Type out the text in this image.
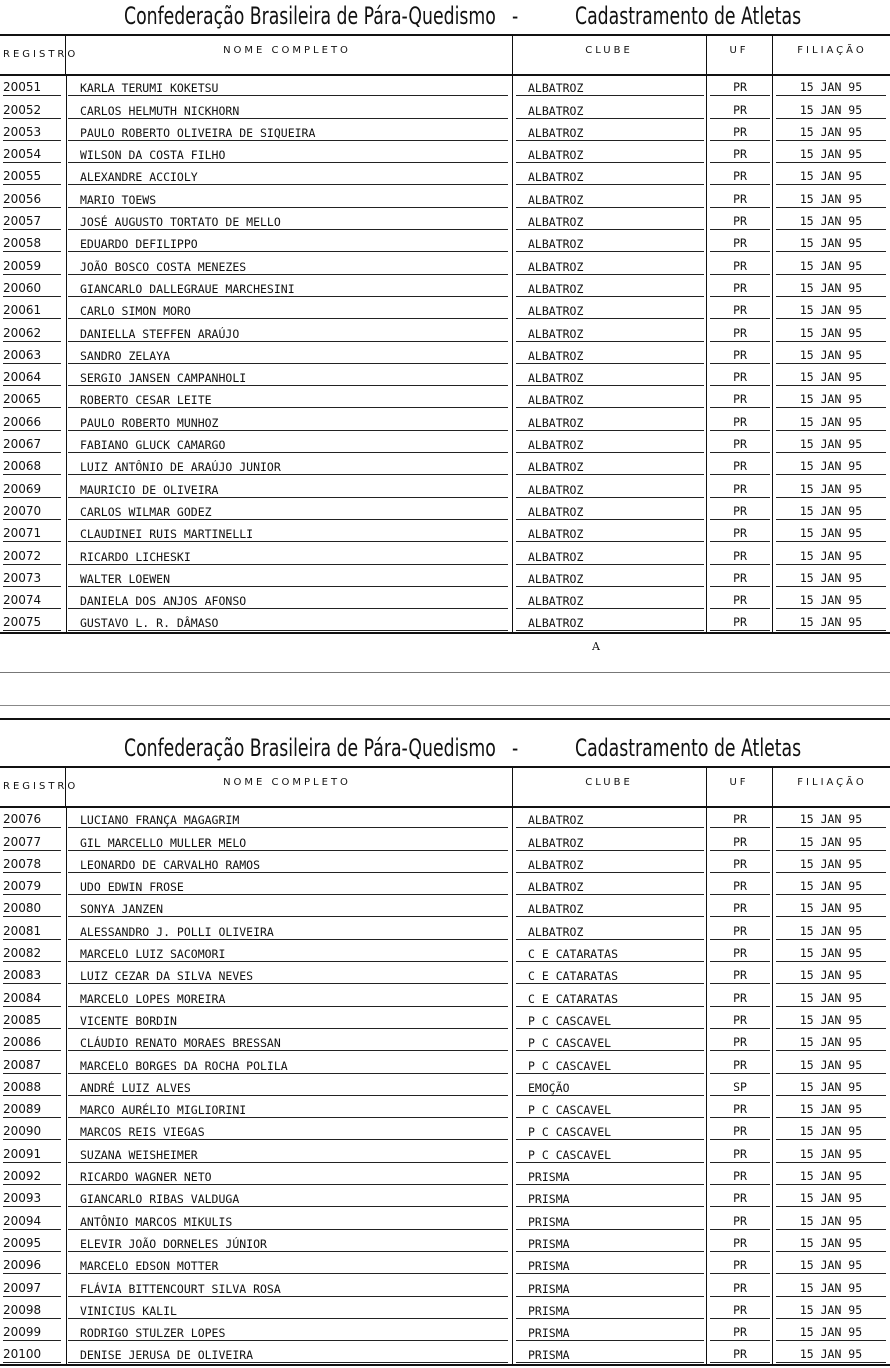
Confederação Brasileira de Pára-Quedismo - Cadastramento de Atletas
REGISTRO	NOME COMPLETO	CLUBE	UF	FILIAÇÃO
20051	KARLA TERUMI KOKETSU	ALBATROZ	PR	15 JAN 95
20052	CARLOS HELMUTH NICKHORN	ALBATROZ	PR	15 JAN 95
20053	PAULO ROBERTO OLIVEIRA DE SIQUEIRA	ALBATROZ	PR	15 JAN 95
20054	WILSON DA COSTA FILHO	ALBATROZ	PR	15 JAN 95
20055	ALEXANDRE ACCIOLY	ALBATROZ	PR	15 JAN 95
20056	MARIO TOEWS	ALBATROZ	PR	15 JAN 95
20057	JOSÉ AUGUSTO TORTATO DE MELLO	ALBATROZ	PR	15 JAN 95
20058	EDUARDO DEFILIPPO	ALBATROZ	PR	15 JAN 95
20059	JOÃO BOSCO COSTA MENEZES	ALBATROZ	PR	15 JAN 95
20060	GIANCARLO DALLEGRAUE MARCHESINI	ALBATROZ	PR	15 JAN 95
20061	CARLO SIMON MORO	ALBATROZ	PR	15 JAN 95
20062	DANIELLA STEFFEN ARAÚJO	ALBATROZ	PR	15 JAN 95
20063	SANDRO ZELAYA	ALBATROZ	PR	15 JAN 95
20064	SERGIO JANSEN CAMPANHOLI	ALBATROZ	PR	15 JAN 95
20065	ROBERTO CESAR LEITE	ALBATROZ	PR	15 JAN 95
20066	PAULO ROBERTO MUNHOZ	ALBATROZ	PR	15 JAN 95
20067	FABIANO GLUCK CAMARGO	ALBATROZ	PR	15 JAN 95
20068	LUIZ ANTÔNIO DE ARAÚJO JUNIOR	ALBATROZ	PR	15 JAN 95
20069	MAURICIO DE OLIVEIRA	ALBATROZ	PR	15 JAN 95
20070	CARLOS WILMAR GODEZ	ALBATROZ	PR	15 JAN 95
20071	CLAUDINEI RUIS MARTINELLI	ALBATROZ	PR	15 JAN 95
20072	RICARDO LICHESKI	ALBATROZ	PR	15 JAN 95
20073	WALTER LOEWEN	ALBATROZ	PR	15 JAN 95
20074	DANIELA DOS ANJOS AFONSO	ALBATROZ	PR	15 JAN 95
20075	GUSTAVO L. R. DÂMASO	ALBATROZ	PR	15 JAN 95
A
Confederação Brasileira de Pára-Quedismo - Cadastramento de Atletas
REGISTRO	NOME COMPLETO	CLUBE	UF	FILIAÇÃO
20076	LUCIANO FRANÇA MAGAGRIM	ALBATROZ	PR	15 JAN 95
20077	GIL MARCELLO MULLER MELO	ALBATROZ	PR	15 JAN 95
20078	LEONARDO DE CARVALHO RAMOS	ALBATROZ	PR	15 JAN 95
20079	UDO EDWIN FROSE	ALBATROZ	PR	15 JAN 95
20080	SONYA JANZEN	ALBATROZ	PR	15 JAN 95
20081	ALESSANDRO J. POLLI OLIVEIRA	ALBATROZ	PR	15 JAN 95
20082	MARCELO LUIZ SACOMORI	C E CATARATAS	PR	15 JAN 95
20083	LUIZ CEZAR DA SILVA NEVES	C E CATARATAS	PR	15 JAN 95
20084	MARCELO LOPES MOREIRA	C E CATARATAS	PR	15 JAN 95
20085	VICENTE BORDIN	P C CASCAVEL	PR	15 JAN 95
20086	CLÁUDIO RENATO MORAES BRESSAN	P C CASCAVEL	PR	15 JAN 95
20087	MARCELO BORGES DA ROCHA POLILA	P C CASCAVEL	PR	15 JAN 95
20088	ANDRÉ LUIZ ALVES	EMOÇÃO	SP	15 JAN 95
20089	MARCO AURÉLIO MIGLIORINI	P C CASCAVEL	PR	15 JAN 95
20090	MARCOS REIS VIEGAS	P C CASCAVEL	PR	15 JAN 95
20091	SUZANA WEISHEIMER	P C CASCAVEL	PR	15 JAN 95
20092	RICARDO WAGNER NETO	PRISMA	PR	15 JAN 95
20093	GIANCARLO RIBAS VALDUGA	PRISMA	PR	15 JAN 95
20094	ANTÔNIO MARCOS MIKULIS	PRISMA	PR	15 JAN 95
20095	ELEVIR JOÃO DORNELES JÚNIOR	PRISMA	PR	15 JAN 95
20096	MARCELO EDSON MOTTER	PRISMA	PR	15 JAN 95
20097	FLÁVIA BITTENCOURT SILVA ROSA	PRISMA	PR	15 JAN 95
20098	VINICIUS KALIL	PRISMA	PR	15 JAN 95
20099	RODRIGO STULZER LOPES	PRISMA	PR	15 JAN 95
20100	DENISE JERUSA DE OLIVEIRA	PRISMA	PR	15 JAN 95
